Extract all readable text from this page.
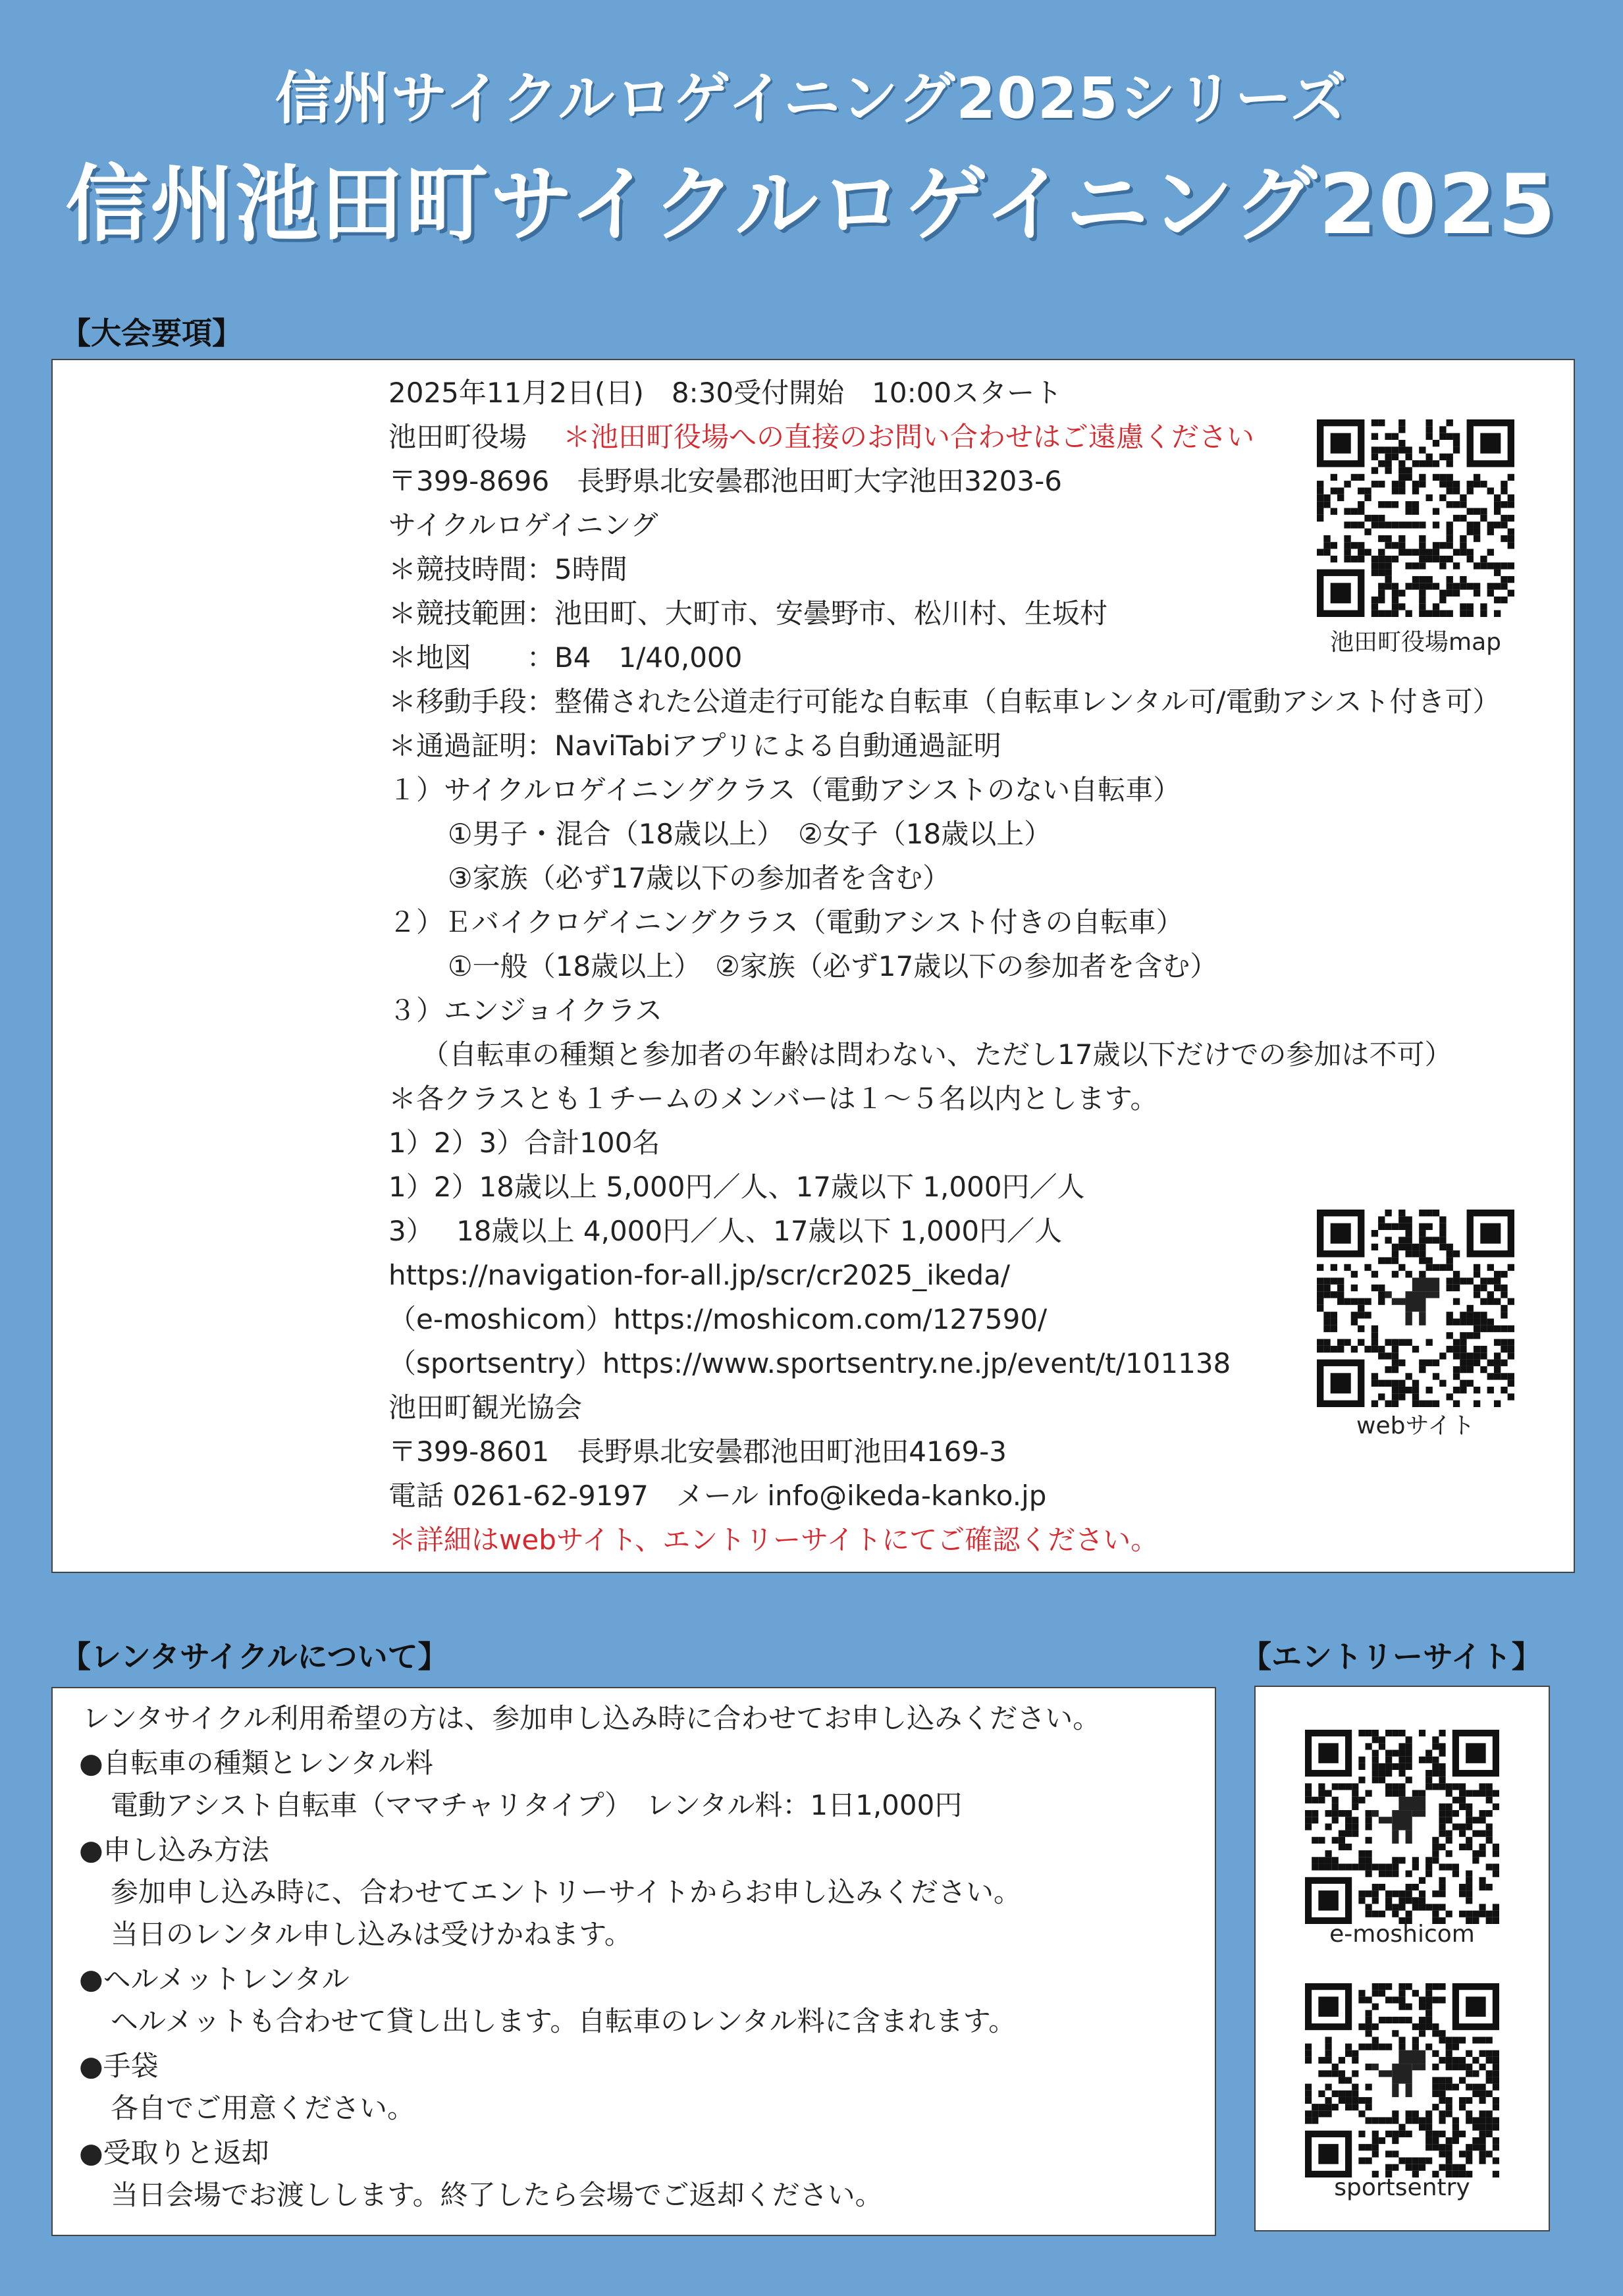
信州サイクルロゲイニング2025シリーズ
信州池田町サイクルロゲイニング2025
【大会要項】
2025年11月2日(日)　8:30受付開始　10:00スタート
池田町役場 ＊池田町役場への直接のお問い合わせはご遠慮ください
〒399-8696　長野県北安曇郡池田町大字池田3203-6
サイクルロゲイニング
＊競技時間：5時間
＊競技範囲：池田町、大町市、安曇野市、松川村、生坂村
＊地図　　：B4　1/40,000
＊移動手段：整備された公道走行可能な自転車（自転車レンタル可/電動アシスト付き可）
＊通過証明：NaviTabiアプリによる自動通過証明
１）サイクルロゲイニングクラス（電動アシストのない自転車）
①男子・混合（18歳以上）　②女子（18歳以上）
③家族（必ず17歳以下の参加者を含む）
２）Ｅバイクロゲイニングクラス（電動アシスト付きの自転車）
①一般（18歳以上）　②家族（必ず17歳以下の参加者を含む）
３）エンジョイクラス
（自転車の種類と参加者の年齢は問わない、ただし17歳以下だけでの参加は不可）
＊各クラスとも１チームのメンバーは１～５名以内とします。
1）2）3）合計100名
1）2）18歳以上 5,000円／人、17歳以下 1,000円／人
3）　 18歳以上 4,000円／人、17歳以下 1,000円／人
https://navigation-for-all.jp/scr/cr2025_ikeda/
（e-moshicom）https://moshicom.com/127590/
（sportsentry）https://www.sportsentry.ne.jp/event/t/101138
池田町観光協会
〒399-8601　長野県北安曇郡池田町池田4169-3
電話 0261-62-9197　メール info@ikeda-kanko.jp
＊詳細はwebサイト、エントリーサイトにてご確認ください。
池田町役場map
webサイト
【レンタサイクルについて】
レンタサイクル利用希望の方は、参加申し込み時に合わせてお申し込みください。
●自転車の種類とレンタル料
電動アシスト自転車（ママチャリタイプ）　レンタル料：1日1,000円
●申し込み方法
参加申し込み時に、合わせてエントリーサイトからお申し込みください。
当日のレンタル申し込みは受けかねます。
●ヘルメットレンタル
ヘルメットも合わせて貸し出します。自転車のレンタル料に含まれます。
●手袋
各自でご用意ください。
●受取りと返却
当日会場でお渡しします。終了したら会場でご返却ください。
【エントリーサイト】
e-moshicom
sportsentry
